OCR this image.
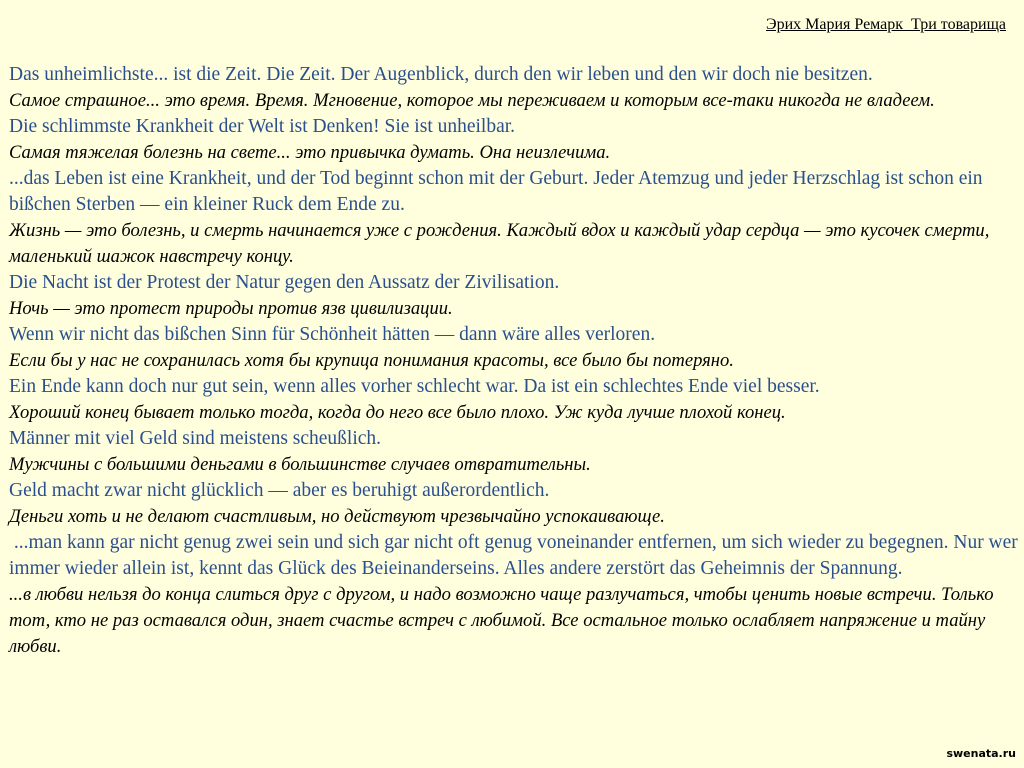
Эрих Мария Ремарк  Три товарища

Das unheimlichste... ist die Zeit. Die Zeit. Der Augenblick, durch den wir leben und den wir doch nie besitzen.

Самое страшное... это время. Время. Мгновение, которое мы переживаем и которым все-таки никогда не владеем.

Die schlimmste Krankheit der Welt ist Denken! Sie ist unheilbar.

Самая тяжелая болезнь на свете... это привычка думать. Она неизлечима.

...das Leben ist eine Krankheit, und der Tod beginnt schon mit der Geburt. Jeder Atemzug und jeder Herzschlag ist schon ein bißchen Sterben — ein kleiner Ruck dem Ende zu.

Жизнь — это болезнь, и смерть начинается уже с рождения. Каждый вдох и каждый удар сердца — это кусочек смерти, маленький шажок навстречу концу.

Die Nacht ist der Protest der Natur gegen den Aussatz der Zivilisation.

Ночь — это протест природы против язв цивилизации.

Wenn wir nicht das bißchen Sinn für Schönheit hätten — dann wäre alles verloren.

Если бы у нас не сохранилась хотя бы крупица понимания красоты, все было бы потеряно.

Ein Ende kann doch nur gut sein, wenn alles vorher schlecht war. Da ist ein schlechtes Ende viel besser.

Хороший конец бывает только тогда, когда до него все было плохо. Уж куда лучше плохой конец.

Männer mit viel Geld sind meistens scheußlich.

Мужчины с большими деньгами в большинстве случаев отвратительны.

Geld macht zwar nicht glücklich — aber es beruhigt außerordentlich.

Деньги хоть и не делают счастливым, но действуют чрезвычайно успокаивающе.

...man kann gar nicht genug zwei sein und sich gar nicht oft genug voneinander entfernen, um sich wieder zu begegnen. Nur wer immer wieder allein ist, kennt das Glück des Beieinanderseins. Alles andere zerstört das Geheimnis der Spannung.

...в любви нельзя до конца слиться друг с другом, и надо возможно чаще разлучаться, чтобы ценить новые встречи. Только тот, кто не раз оставался один, знает счастье встреч с любимой. Все остальное только ослабляет напряжение и тайну любви.

swenata.ru
